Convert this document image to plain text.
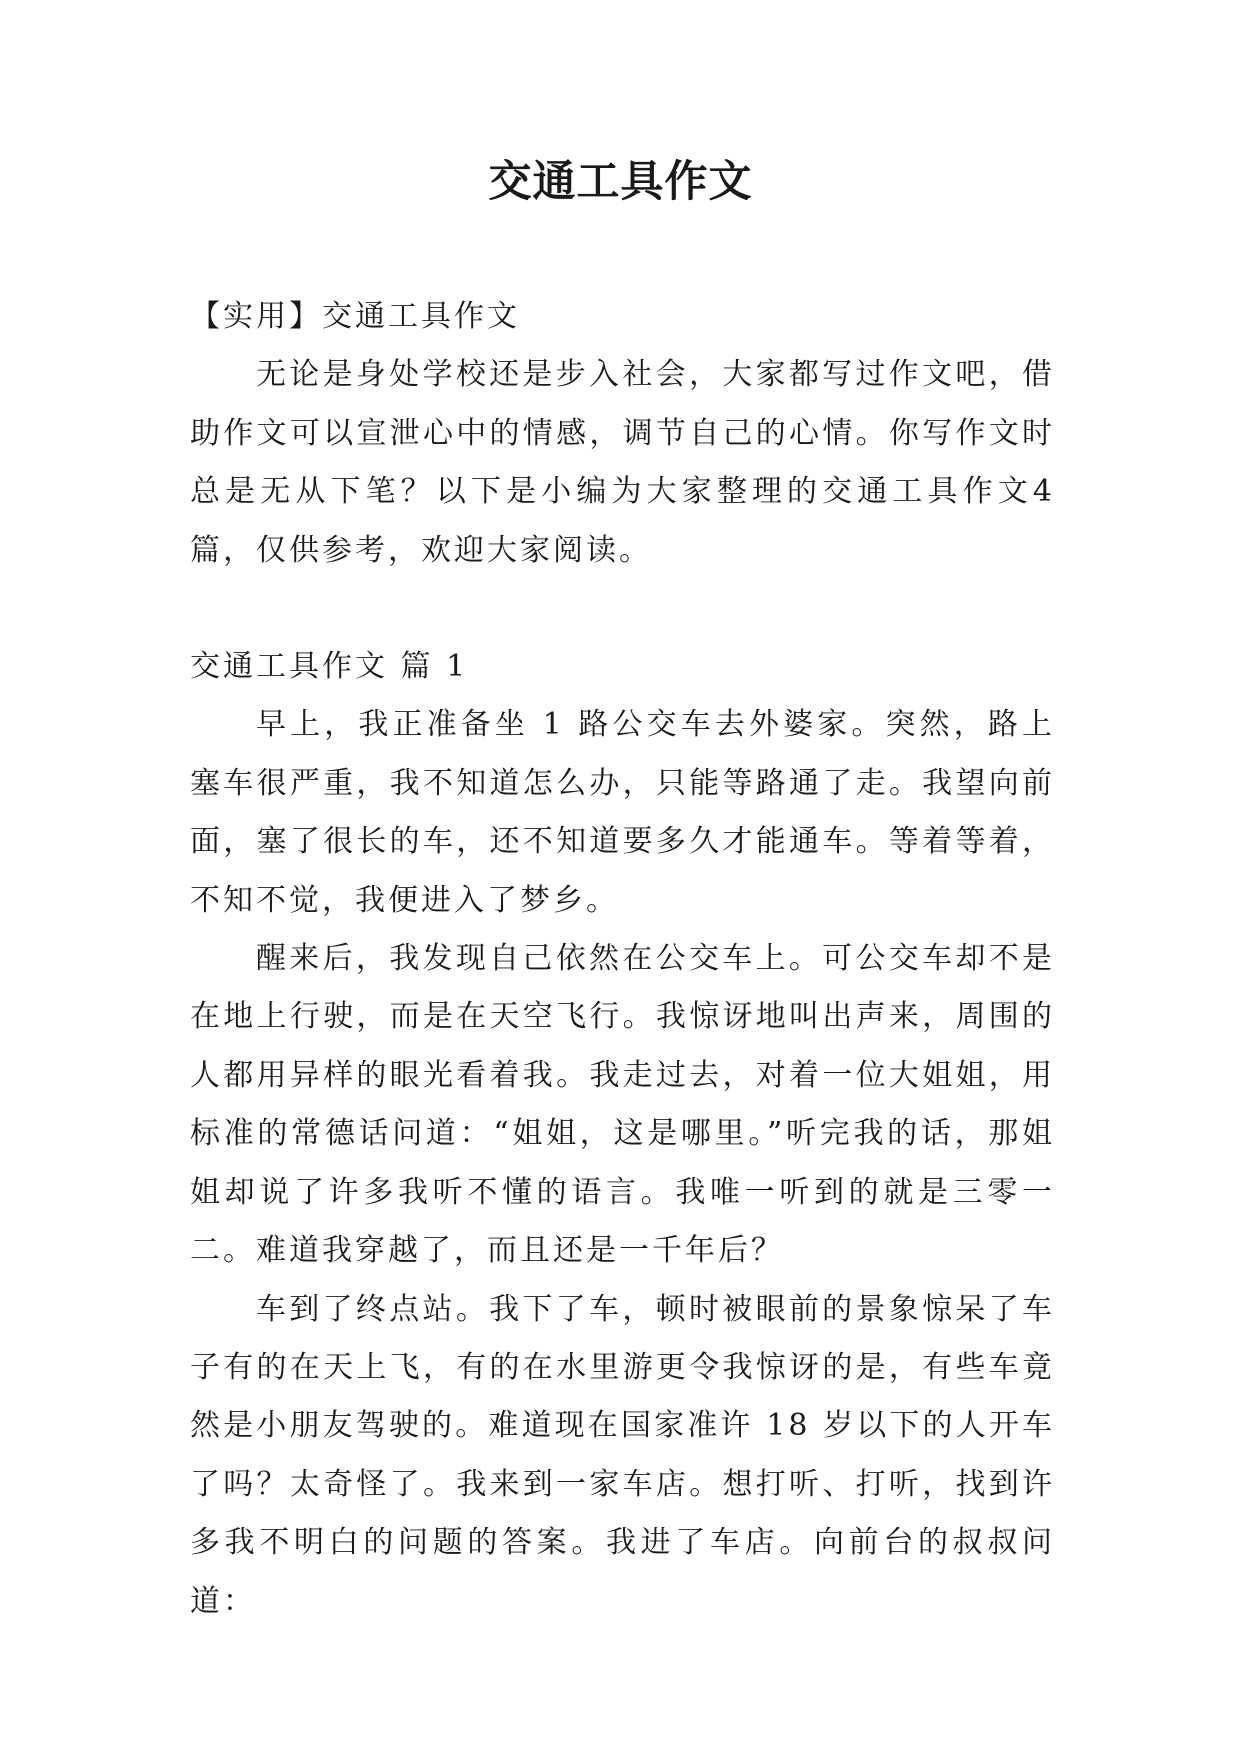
交通工具作文

【实用】交通工具作文

无论是身处学校还是步入社会，大家都写过作文吧，借助作文可以宣泄心中的情感，调节自己的心情。你写作文时总是无从下笔？以下是小编为大家整理的交通工具作文4篇，仅供参考，欢迎大家阅读。

交通工具作文 篇 1

早上，我正准备坐 1 路公交车去外婆家。突然，路上塞车很严重，我不知道怎么办，只能等路通了走。我望向前面，塞了很长的车，还不知道要多久才能通车。等着等着，不知不觉，我便进入了梦乡。

醒来后，我发现自己依然在公交车上。可公交车却不是在地上行驶，而是在天空飞行。我惊讶地叫出声来，周围的人都用异样的眼光看着我。我走过去，对着一位大姐姐，用标准的常德话问道：“姐姐，这是哪里。”听完我的话，那姐姐却说了许多我听不懂的语言。我唯一听到的就是三零一二。难道我穿越了，而且还是一千年后？

车到了终点站。我下了车，顿时被眼前的景象惊呆了车子有的在天上飞，有的在水里游更令我惊讶的是，有些车竟然是小朋友驾驶的。难道现在国家准许 18 岁以下的人开车了吗？太奇怪了。我来到一家车店。想打听、打听，找到许多我不明白的问题的答案。我进了车店。向前台的叔叔问道：
